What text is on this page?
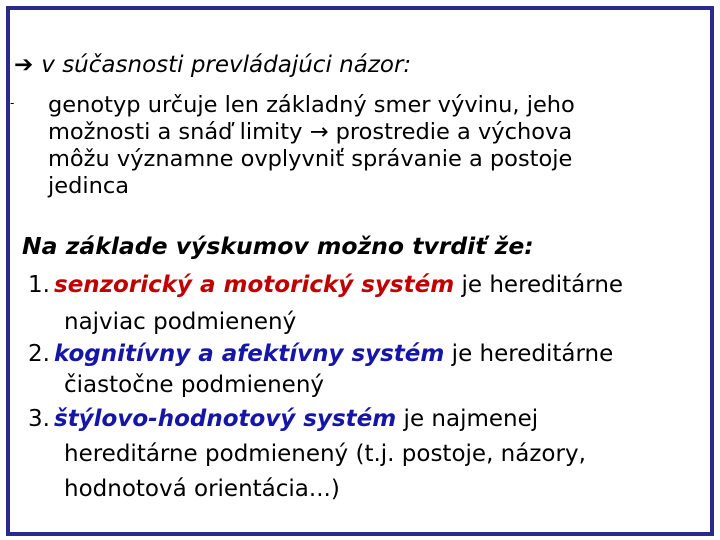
➔ v súčasnosti prevládajúci názor:
- genotyp určuje len základný smer vývinu, jeho
možnosti a snáď limity → prostredie a výchova
môžu významne ovplyvniť správanie a postoje
jedinca
Na základe výskumov možno tvrdiť že:
1. senzorický a motorický systém je hereditárne
najviac podmienený
2. kognitívny a afektívny systém je hereditárne
čiastočne podmienený
3. štýlovo-hodnotový systém je najmenej
hereditárne podmienený (t.j. postoje, názory,
hodnotová orientácia...)
